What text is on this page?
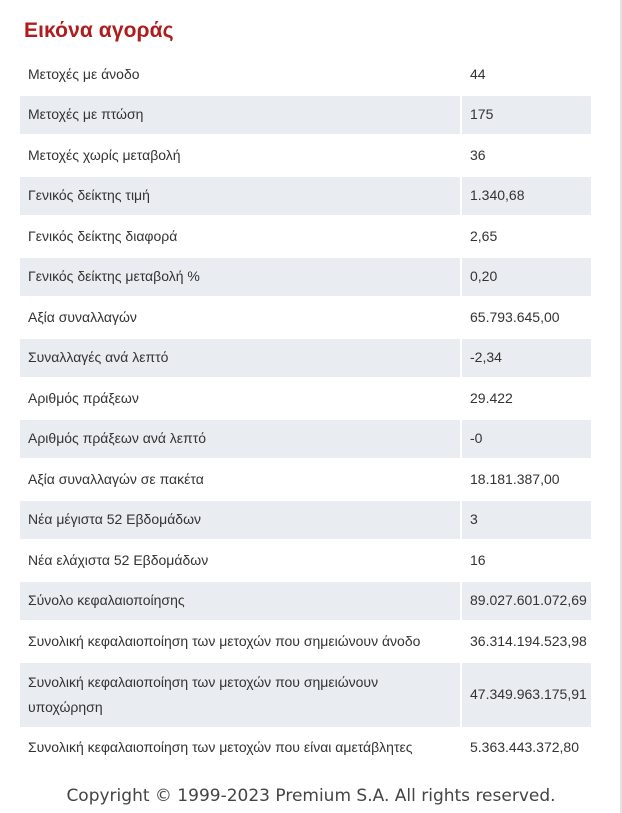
Εικόνα αγοράς
Μετοχές με άνοδο	44
Μετοχές με πτώση	175
Μετοχές χωρίς μεταβολή	36
Γενικός δείκτης τιμή	1.340,68
Γενικός δείκτης διαφορά	2,65
Γενικός δείκτης μεταβολή %	0,20
Αξία συναλλαγών	65.793.645,00
Συναλλαγές ανά λεπτό	-2,34
Αριθμός πράξεων	29.422
Αριθμός πράξεων ανά λεπτό	-0
Αξία συναλλαγών σε πακέτα	18.181.387,00
Νέα μέγιστα 52 Εβδομάδων	3
Νέα ελάχιστα 52 Εβδομάδων	16
Σύνολο κεφαλαιοποίησης	89.027.601.072,69
Συνολική κεφαλαιοποίηση των μετοχών που σημειώνουν άνοδο	36.314.194.523,98
Συνολική κεφαλαιοποίηση των μετοχών που σημειώνουν υποχώρηση	47.349.963.175,91
Συνολική κεφαλαιοποίηση των μετοχών που είναι αμετάβλητες	5.363.443.372,80
Copyright © 1999-2023 Premium S.A. All rights reserved.
